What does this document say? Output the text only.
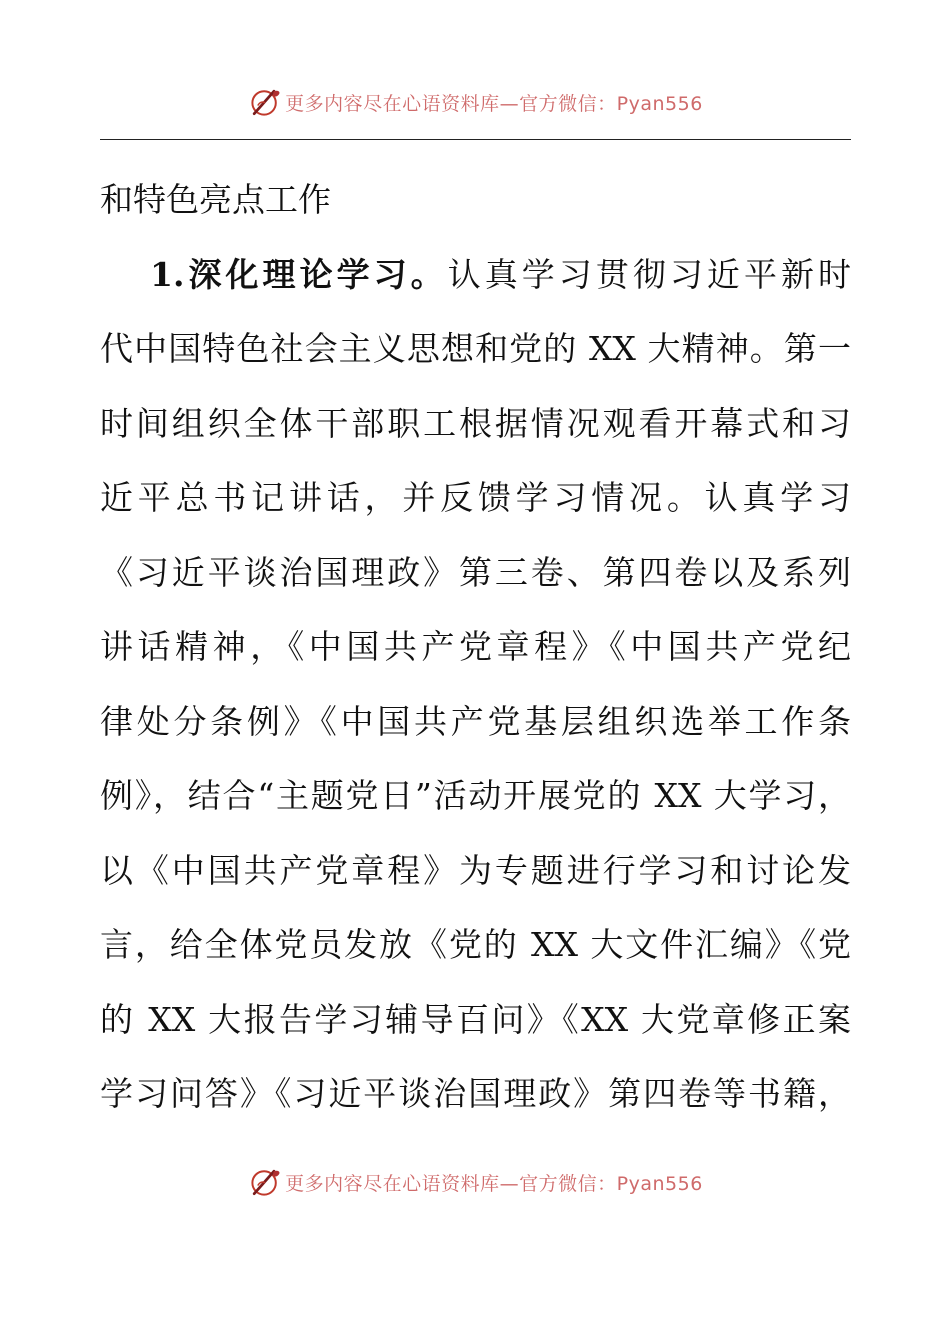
更多内容尽在心语资料库—官方微信：Pyan556
和特色亮点工作
1.深化理论学习。认真学习贯彻习近平新时
代中国特色社会主义思想和党的 XX 大精神。第一
时间组织全体干部职工根据情况观看开幕式和习
近平总书记讲话，并反馈学习情况。认真学习
《习近平谈治国理政》第三卷、第四卷以及系列
讲话精神，《中国共产党章程》《中国共产党纪
律处分条例》《中国共产党基层组织选举工作条
例》，结合“主题党日”活动开展党的 XX 大学习，
以《中国共产党章程》为专题进行学习和讨论发
言，给全体党员发放《党的 XX 大文件汇编》《党
的 XX 大报告学习辅导百问》《XX 大党章修正案
学习问答》《习近平谈治国理政》第四卷等书籍，
更多内容尽在心语资料库—官方微信：Pyan556
